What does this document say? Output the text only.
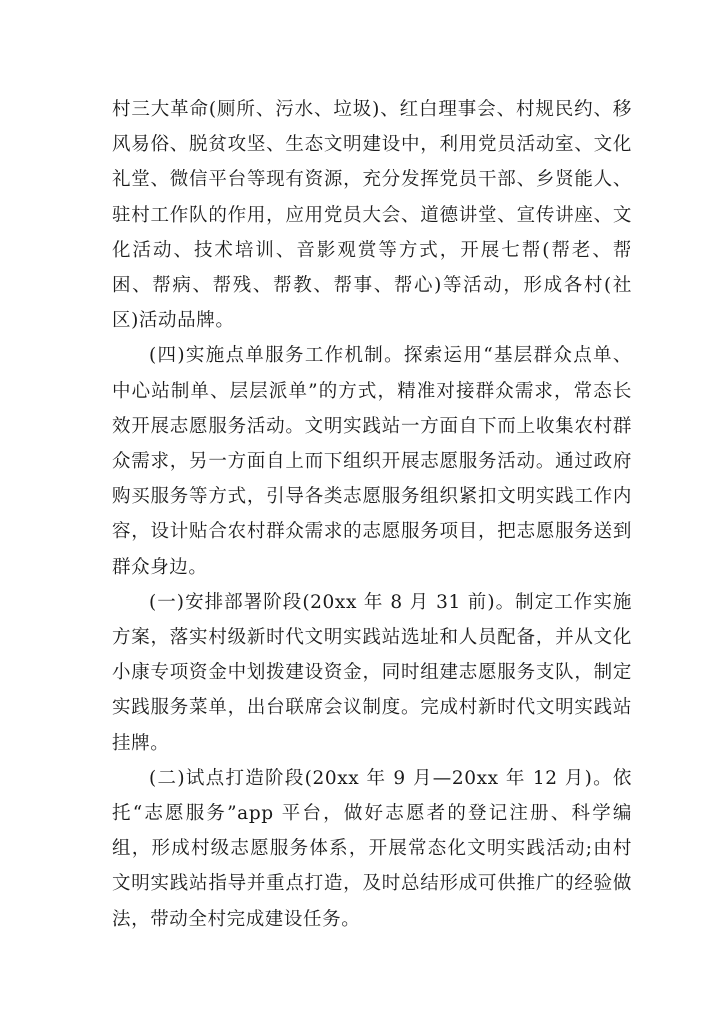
村三大革命(厕所、污水、垃圾)、红白理事会、村规民约、移风易俗、脱贫攻坚、生态文明建设中，利用党员活动室、文化礼堂、微信平台等现有资源，充分发挥党员干部、乡贤能人、驻村工作队的作用，应用党员大会、道德讲堂、宣传讲座、文化活动、技术培训、音影观赏等方式，开展七帮(帮老、帮困、帮病、帮残、帮教、帮事、帮心)等活动，形成各村(社区)活动品牌。

(四)实施点单服务工作机制。探索运用“基层群众点单、中心站制单、层层派单”的方式，精准对接群众需求，常态长效开展志愿服务活动。文明实践站一方面自下而上收集农村群众需求，另一方面自上而下组织开展志愿服务活动。通过政府购买服务等方式，引导各类志愿服务组织紧扣文明实践工作内容，设计贴合农村群众需求的志愿服务项目，把志愿服务送到群众身边。

(一)安排部署阶段(20xx 年 8 月 31 前)。制定工作实施方案，落实村级新时代文明实践站选址和人员配备，并从文化小康专项资金中划拨建设资金，同时组建志愿服务支队，制定实践服务菜单，出台联席会议制度。完成村新时代文明实践站挂牌。

(二)试点打造阶段(20xx 年 9 月—20xx 年 12 月)。依托“志愿服务”app 平台，做好志愿者的登记注册、科学编组，形成村级志愿服务体系，开展常态化文明实践活动;由村文明实践站指导并重点打造，及时总结形成可供推广的经验做法，带动全村完成建设任务。
